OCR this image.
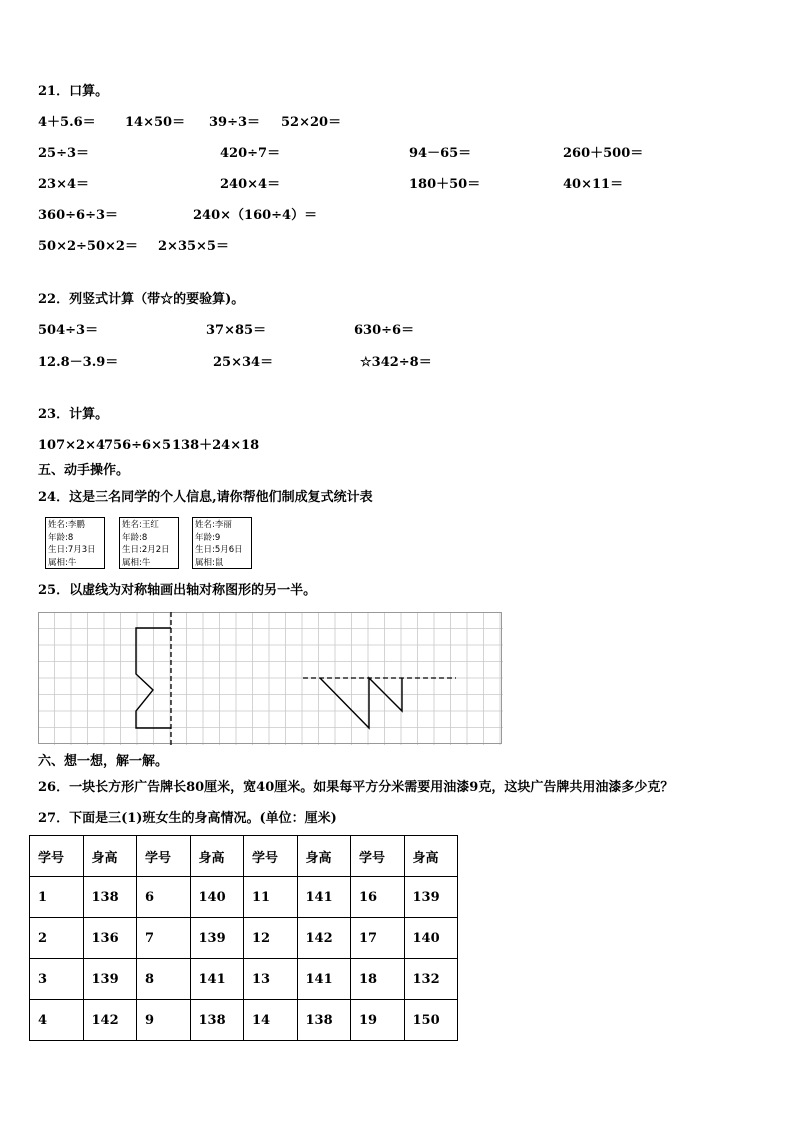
21．口算。
4＋5.6＝ 14×50＝ 39÷3＝ 52×20＝
25÷3＝	420÷7＝	94－65＝	260＋500＝
23×4＝	240×4＝	180＋50＝	40×11＝
360÷6÷3＝	240×（160÷4）＝
50×2÷50×2＝ 2×35×5＝
22．列竖式计算（带☆的要验算)。
504÷3＝	37×85＝	630÷6＝
12.8－3.9＝	25×34＝	☆342÷8＝
23．计算。
107×2×4
756÷6×5 138＋24×18
五、动手操作。
24．这是三名同学的个人信息,请你帮他们制成复式统计表
姓名:李鹏
年龄:8
生日:7月3日
属相:牛
姓名:王红
年龄:8
生日:2月2日
属相:牛
姓名:李丽
年龄:9
生日:5月6日
属相:鼠
25．以虚线为对称轴画出轴对称图形的另一半。
六、想一想，解一解。
26．一块长方形广告牌长80厘米，宽40厘米。如果每平方分米需要用油漆9克，这块广告牌共用油漆多少克？
27．下面是三(1)班女生的身高情况。(单位：厘米)
学号	身高	学号	身高	学号	身高	学号	身高
1	138	6	140	11	141	16	139
2	136	7	139	12	142	17	140
3	139	8	141	13	141	18	132
4	142	9	138	14	138	19	150
